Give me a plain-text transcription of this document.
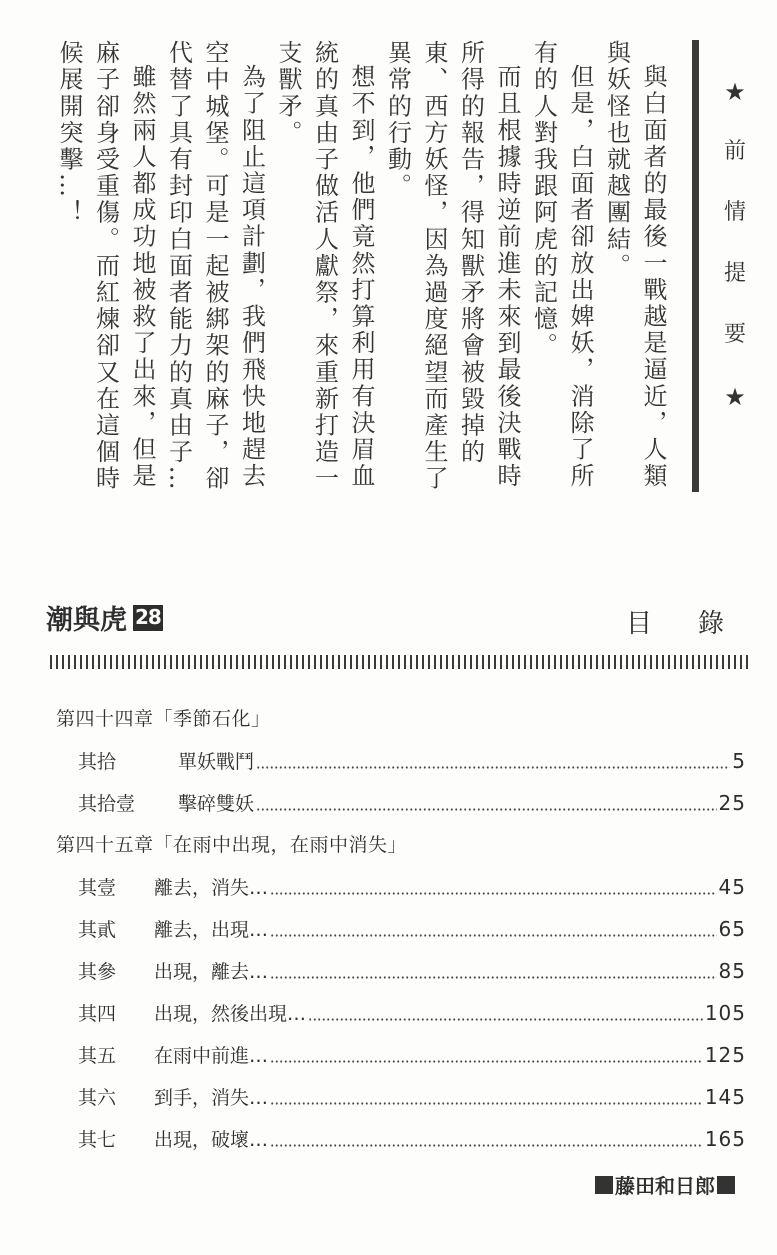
★
前
情
提
要
★

與白面者的最後一戰越是逼近，人類與妖怪也就越團結。

但是，白面者卻放出婢妖，消除了所有的人對我跟阿虎的記憶。

而且根據時逆前進未來到最後決戰時所得的報告，得知獸矛將會被毀掉的東、西方妖怪，因為過度絕望而產生了異常的行動。

想不到，他們竟然打算利用有決眉血統的真由子做活人獻祭，來重新打造一支獸矛。

為了阻止這項計劃，我們飛快地趕去空中城堡。可是一起被綁架的麻子，卻代替了具有封印白面者能力的真由子…

雖然兩人都成功地被救了出來，但是麻子卻身受重傷。而紅煉卻又在這個時候展開突擊…！

潮與虎 28	目錄
第四十四章「季節石化」
其拾	單妖戰鬥	5
其拾壹	擊碎雙妖	25
第四十五章「在雨中出現，在雨中消失」
其壹	離去，消失…	45
其貳	離去，出現…	65
其參	出現，離去…	85
其四	出現，然後出現…	105
其五	在雨中前進…	125
其六	到手，消失…	145
其七	出現，破壞…	165
藤田和日郎
